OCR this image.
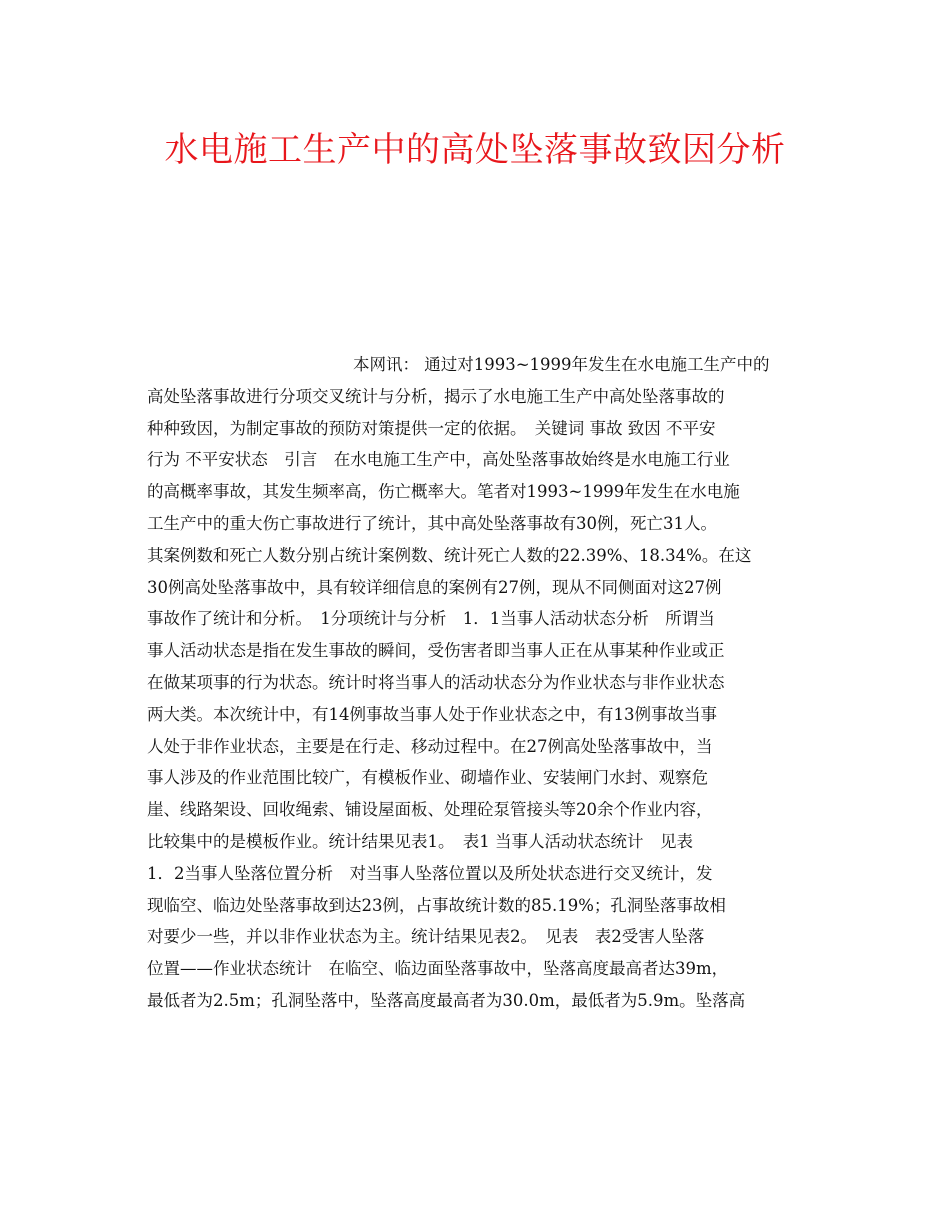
水电施工生产中的高处坠落事故致因分析
本网讯： 通过对1993~1999年发生在水电施工生产中的
高处坠落事故进行分项交叉统计与分析，揭示了水电施工生产中高处坠落事故的
种种致因，为制定事故的预防对策提供一定的依据。　关键词 事故 致因 不平安
行为 不平安状态　引言　在水电施工生产中，高处坠落事故始终是水电施工行业
的高概率事故，其发生频率高，伤亡概率大。笔者对1993~1999年发生在水电施
工生产中的重大伤亡事故进行了统计，其中高处坠落事故有30例，死亡31人。
其案例数和死亡人数分别占统计案例数、统计死亡人数的22.39%、18.34%。在这
30例高处坠落事故中，具有较详细信息的案例有27例，现从不同侧面对这27例
事故作了统计和分析。　1分项统计与分析　1．1当事人活动状态分析　所谓当
事人活动状态是指在发生事故的瞬间，受伤害者即当事人正在从事某种作业或正
在做某项事的行为状态。统计时将当事人的活动状态分为作业状态与非作业状态
两大类。本次统计中，有14例事故当事人处于作业状态之中，有13例事故当事
人处于非作业状态，主要是在行走、移动过程中。在27例高处坠落事故中，当
事人涉及的作业范围比较广，有模板作业、砌墙作业、安装闸门水封、观察危
崖、线路架设、回收绳索、铺设屋面板、处理砼泵管接头等20余个作业内容，
比较集中的是模板作业。统计结果见表1。　表1 当事人活动状态统计　见表
1．2当事人坠落位置分析　对当事人坠落位置以及所处状态进行交叉统计，发
现临空、临边处坠落事故到达23例，占事故统计数的85.19%；孔洞坠落事故相
对要少一些，并以非作业状态为主。统计结果见表2。　见表　表2受害人坠落
位置——作业状态统计　在临空、临边面坠落事故中，坠落高度最高者达39m，
最低者为2.5m；孔洞坠落中，坠落高度最高者为30.0m，最低者为5.9m。坠落高
